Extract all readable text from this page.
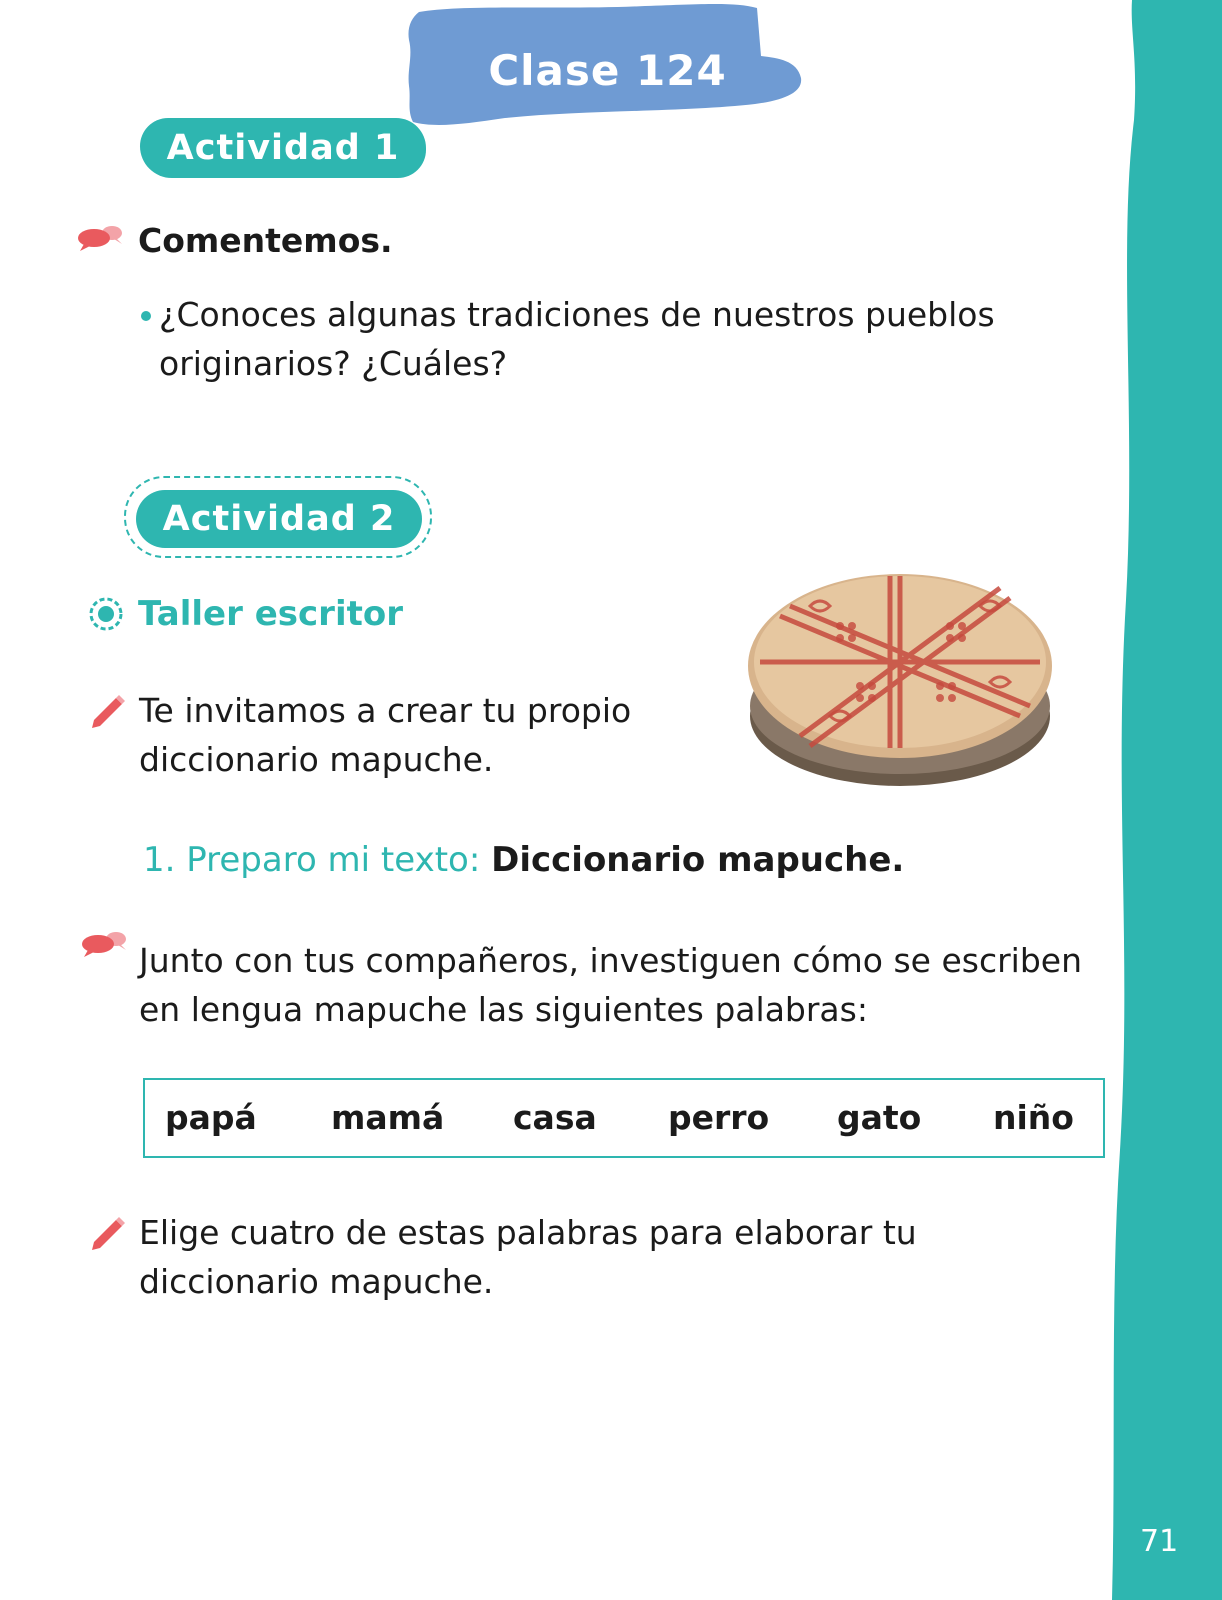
71
Clase 124
Actividad 1
Comentemos.
¿Conoces algunas tradiciones de nuestros pueblos originarios? ¿Cuáles?
Actividad 2
Taller escritor
Te invitamos a crear tu propio diccionario mapuche.
1. Preparo mi texto: Diccionario mapuche.
Junto con tus compañeros, investiguen cómo se escriben en lengua mapuche las siguientes palabras:
papá mamá casa perro gato niño
Elige cuatro de estas palabras para elaborar tu diccionario mapuche.
